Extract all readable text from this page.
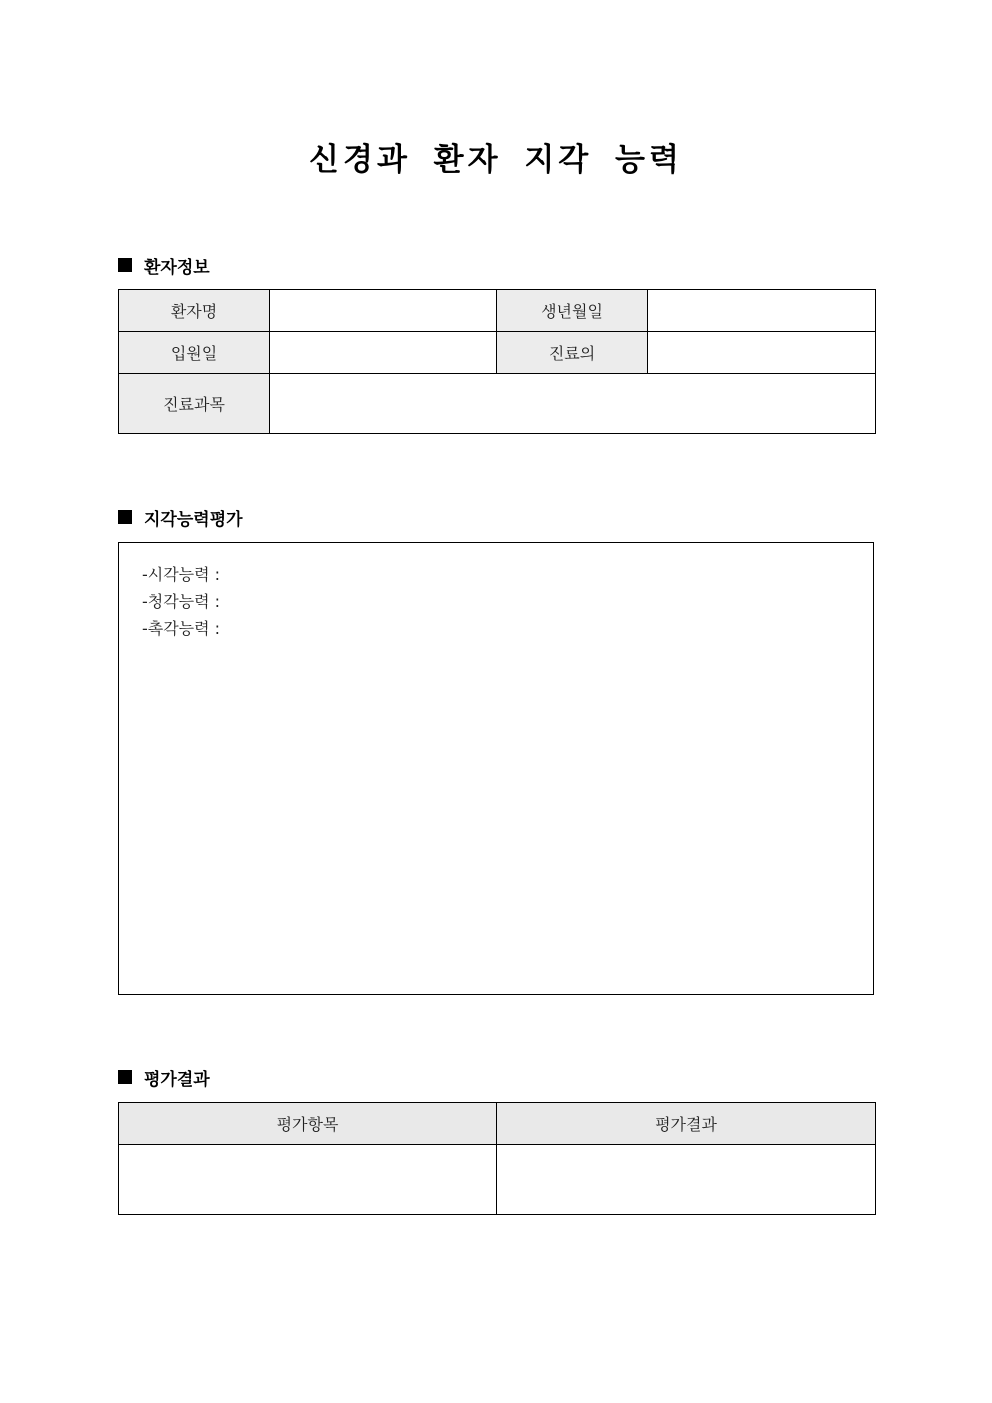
신경과 환자 지각 능력
환자정보
환자명		생년월일	
입원일		진료의	
진료과목			
지각능력평가
-시각능력 :
-청각능력 :
-촉각능력 :
평가결과
평가항목	평가결과
